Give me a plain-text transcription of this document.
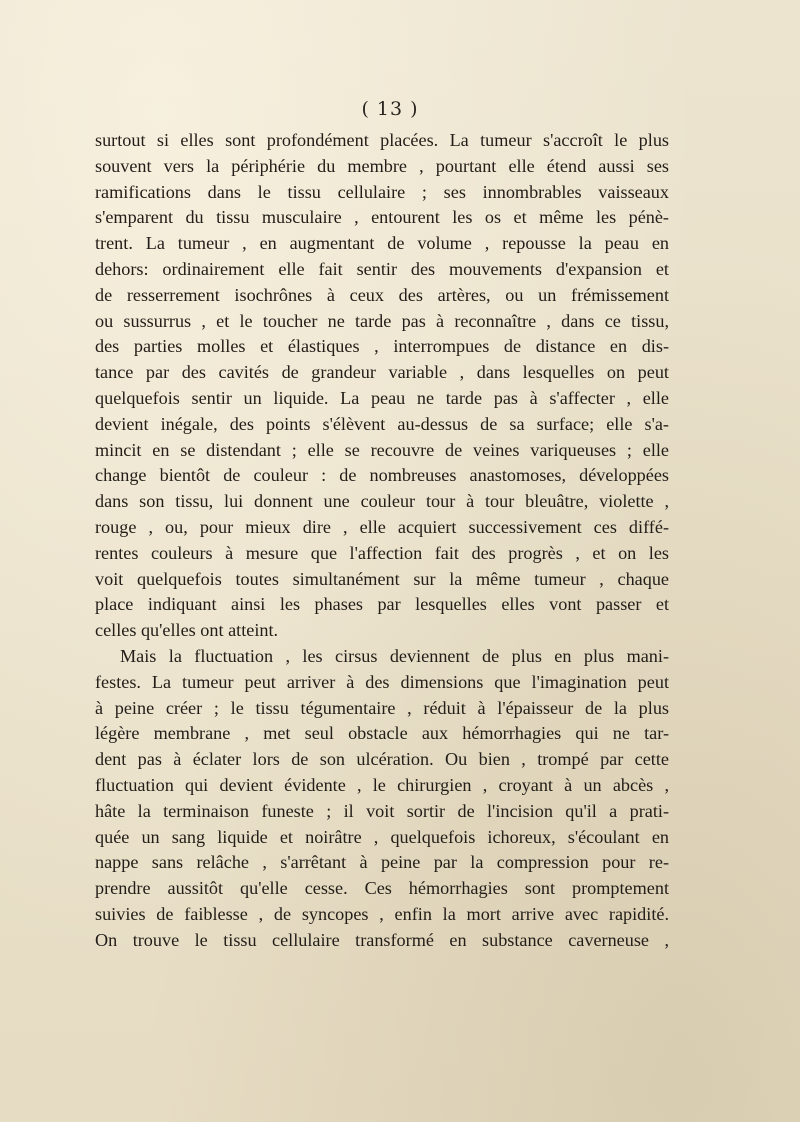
( 13 )
surtout si elles sont profondément placées. La tumeur s'accroît le plus
souvent vers la périphérie du membre , pourtant elle étend aussi ses
ramifications dans le tissu cellulaire ; ses innombrables vaisseaux
s'emparent du tissu musculaire , entourent les os et même les pénè-
trent. La tumeur , en augmentant de volume , repousse la peau en
dehors: ordinairement elle fait sentir des mouvements d'expansion et
de resserrement isochrônes à ceux des artères, ou un frémissement
ou sussurrus , et le toucher ne tarde pas à reconnaître , dans ce tissu,
des parties molles et élastiques , interrompues de distance en dis-
tance par des cavités de grandeur variable , dans lesquelles on peut
quelquefois sentir un liquide. La peau ne tarde pas à s'affecter , elle
devient inégale, des points s'élèvent au-dessus de sa surface; elle s'a-
mincit en se distendant ; elle se recouvre de veines variqueuses ; elle
change bientôt de couleur : de nombreuses anastomoses, développées
dans son tissu, lui donnent une couleur tour à tour bleuâtre, violette ,
rouge , ou, pour mieux dire , elle acquiert successivement ces diffé-
rentes couleurs à mesure que l'affection fait des progrès , et on les
voit quelquefois toutes simultanément sur la même tumeur , chaque
place indiquant ainsi les phases par lesquelles elles vont passer et
celles qu'elles ont atteint.
Mais la fluctuation , les cirsus deviennent de plus en plus mani-
festes. La tumeur peut arriver à des dimensions que l'imagination peut
à peine créer ; le tissu tégumentaire , réduit à l'épaisseur de la plus
légère membrane , met seul obstacle aux hémorrhagies qui ne tar-
dent pas à éclater lors de son ulcération. Ou bien , trompé par cette
fluctuation qui devient évidente , le chirurgien , croyant à un abcès ,
hâte la terminaison funeste ; il voit sortir de l'incision qu'il a prati-
quée un sang liquide et noirâtre , quelquefois ichoreux, s'écoulant en
nappe sans relâche , s'arrêtant à peine par la compression pour re-
prendre aussitôt qu'elle cesse. Ces hémorrhagies sont promptement
suivies de faiblesse , de syncopes , enfin la mort arrive avec rapidité.
On trouve le tissu cellulaire transformé en substance caverneuse ,
